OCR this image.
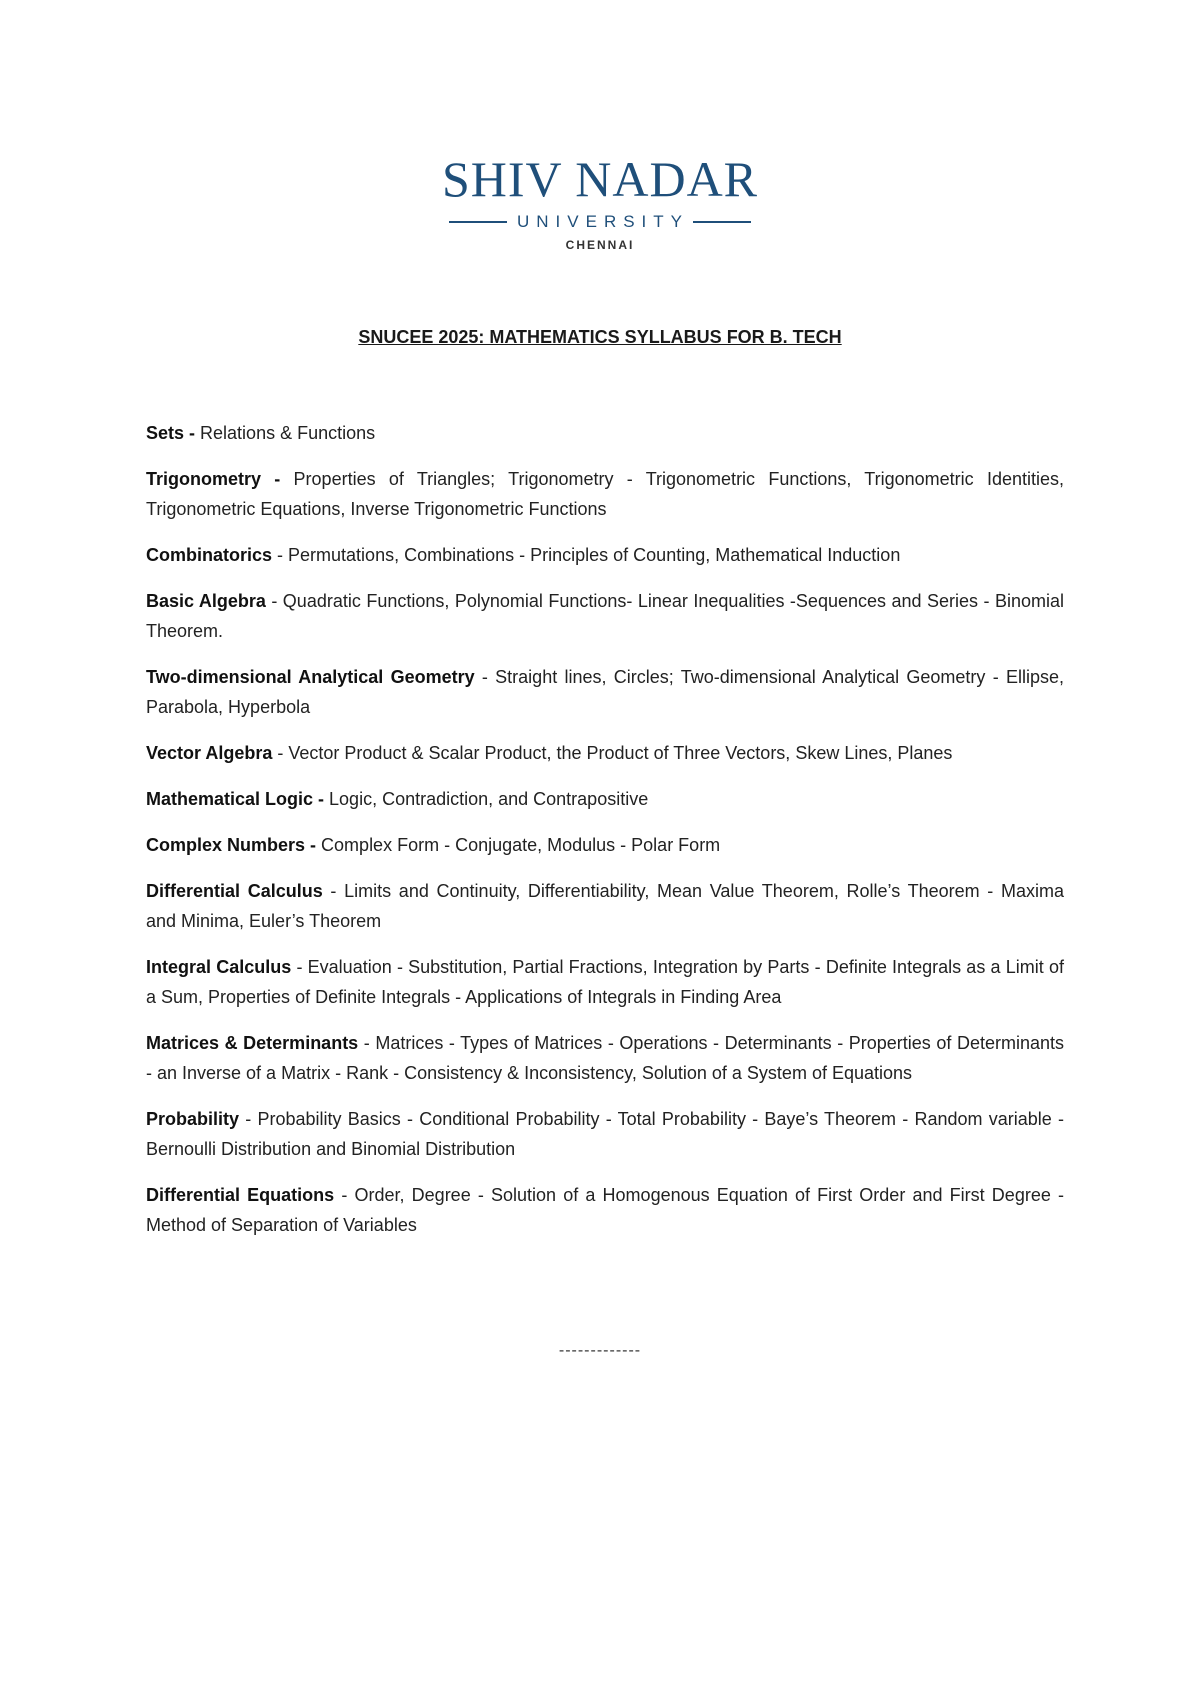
SHIV NADAR
UNIVERSITY
CHENNAI
SNUCEE 2025: MATHEMATICS SYLLABUS FOR B. TECH

Sets - Relations & Functions

Trigonometry - Properties of Triangles; Trigonometry - Trigonometric Functions, Trigonometric Identities, Trigonometric Equations, Inverse Trigonometric Functions

Combinatorics - Permutations, Combinations - Principles of Counting, Mathematical Induction

Basic Algebra - Quadratic Functions, Polynomial Functions- Linear Inequalities -Sequences and Series - Binomial Theorem.

Two-dimensional Analytical Geometry - Straight lines, Circles; Two-dimensional Analytical Geometry - Ellipse, Parabola, Hyperbola

Vector Algebra - Vector Product & Scalar Product, the Product of Three Vectors, Skew Lines, Planes

Mathematical Logic - Logic, Contradiction, and Contrapositive

Complex Numbers - Complex Form - Conjugate, Modulus - Polar Form

Differential Calculus - Limits and Continuity, Differentiability, Mean Value Theorem, Rolle’s Theorem - Maxima and Minima, Euler’s Theorem

Integral Calculus - Evaluation - Substitution, Partial Fractions, Integration by Parts - Definite Integrals as a Limit of a Sum, Properties of Definite Integrals - Applications of Integrals in Finding Area

Matrices & Determinants - Matrices - Types of Matrices - Operations - Determinants - Properties of Determinants - an Inverse of a Matrix - Rank - Consistency & Inconsistency, Solution of a System of Equations

Probability - Probability Basics - Conditional Probability - Total Probability - Baye’s Theorem - Random variable - Bernoulli Distribution and Binomial Distribution

Differential Equations - Order, Degree - Solution of a Homogenous Equation of First Order and First Degree - Method of Separation of Variables

-------------
